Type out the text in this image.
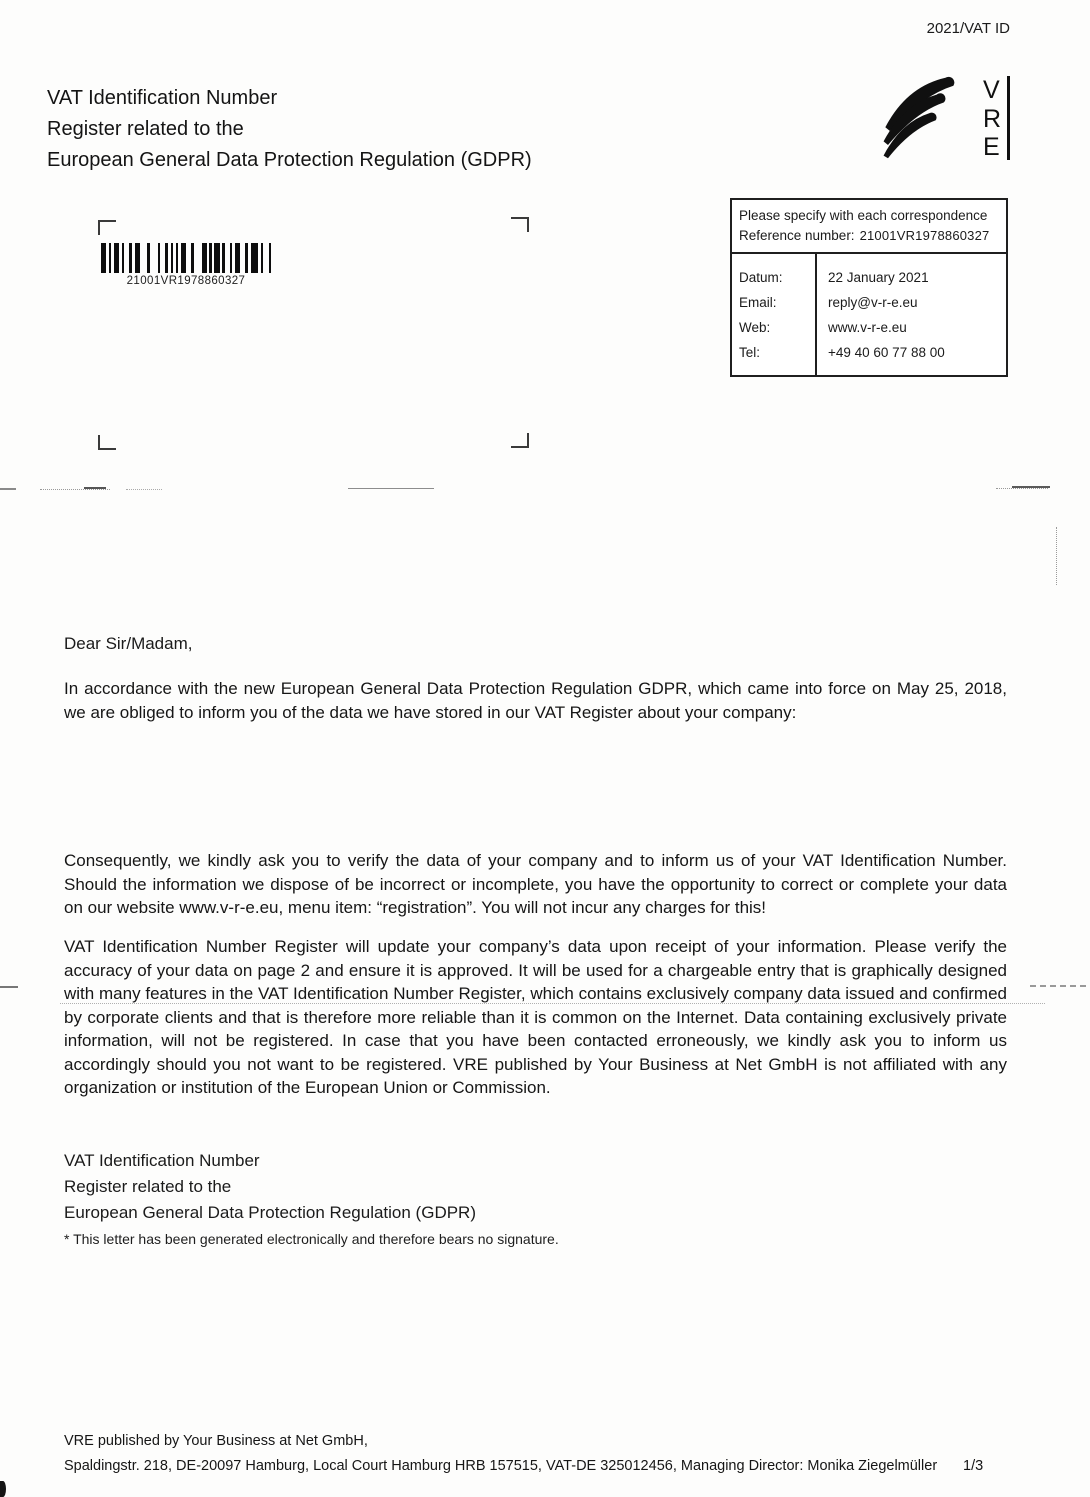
2021/VAT ID
VAT Identification Number
Register related to the
European General Data Protection Regulation (GDPR)
V
R
E
Please specify with each correspondence
Reference number: 21001VR1978860327
Datum:
Email:
Web:
Tel:
22 January 2021
reply@v-r-e.eu
www.v-r-e.eu
+49 40 60 77 88 00
21001VR1978860327
Dear Sir/Madam,
In accordance with the new European General Data Protection Regulation GDPR, which came into force on May 25, 2018, we are obliged to inform you of the data we have stored in our VAT Register about your company:
Consequently, we kindly ask you to verify the data of your company and to inform us of your VAT Identification Number. Should the information we dispose of be incorrect or incomplete, you have the opportunity to correct or complete your data on our website www.v-r-e.eu, menu item: “registration”. You will not incur any charges for this!
VAT Identification Number Register will update your company’s data upon receipt of your information. Please verify the accuracy of your data on page 2 and ensure it is approved. It will be used for a chargeable entry that is graphically designed with many features in the VAT Identification Number Register, which contains exclusively company data issued and confirmed by corporate clients and that is therefore more reliable than it is common on the Internet. Data containing exclusively private information, will not be registered. In case that you have been contacted erroneously, we kindly ask you to inform us accordingly should you not want to be registered. VRE published by Your Business at Net GmbH is not affiliated with any organization or institution of the European Union or Commission.
VAT Identification Number
Register related to the
European General Data Protection Regulation (GDPR)
* This letter has been generated electronically and therefore bears no signature.
VRE published by Your Business at Net GmbH,
Spaldingstr. 218, DE-20097 Hamburg, Local Court Hamburg HRB 157515, VAT-DE 325012456, Managing Director: Monika Ziegelmüller 1/3
